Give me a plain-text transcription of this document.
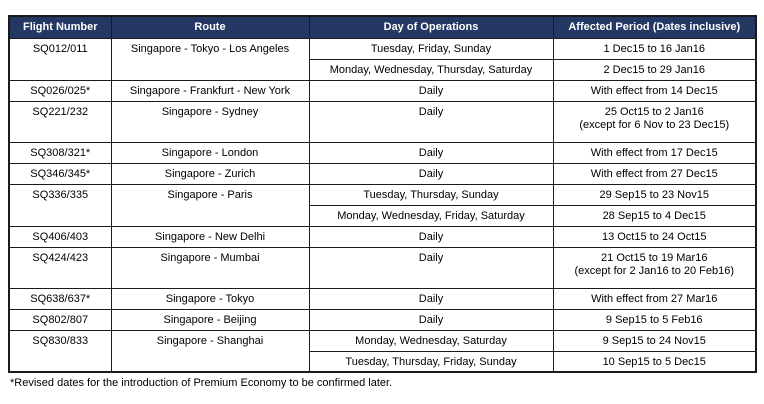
Flight Number	Route	Day of Operations	Affected Period (Dates inclusive)
SQ012/011	Singapore - Tokyo - Los Angeles	Tuesday, Friday, Sunday	1 Dec15 to 16 Jan16

		Monday, Wednesday, Thursday, Saturday	2 Dec15 to 29 Jan16

SQ026/025*	Singapore - Frankfurt - New York	Daily	With effect from 14 Dec15

SQ221/232	Singapore - Sydney	Daily	25 Oct15 to 2 Jan16
(except for 6 Nov to 23 Dec15)

SQ308/321*	Singapore - London	Daily	With effect from 17 Dec15

SQ346/345*	Singapore - Zurich	Daily	With effect from 27 Dec15

SQ336/335	Singapore - Paris	Tuesday, Thursday, Sunday	29 Sep15 to 23 Nov15

		Monday, Wednesday, Friday, Saturday	28 Sep15 to 4 Dec15

SQ406/403	Singapore - New Delhi	Daily	13 Oct15 to 24 Oct15

SQ424/423	Singapore - Mumbai	Daily	21 Oct15 to 19 Mar16
(except for 2 Jan16 to 20 Feb16)

SQ638/637*	Singapore - Tokyo	Daily	With effect from 27 Mar16

SQ802/807	Singapore - Beijing	Daily	9 Sep15 to 5 Feb16

SQ830/833	Singapore - Shanghai	Monday, Wednesday, Saturday	9 Sep15 to 24 Nov15

		Tuesday, Thursday, Friday, Sunday	10 Sep15 to 5 Dec15
*Revised dates for the introduction of Premium Economy to be confirmed later.
